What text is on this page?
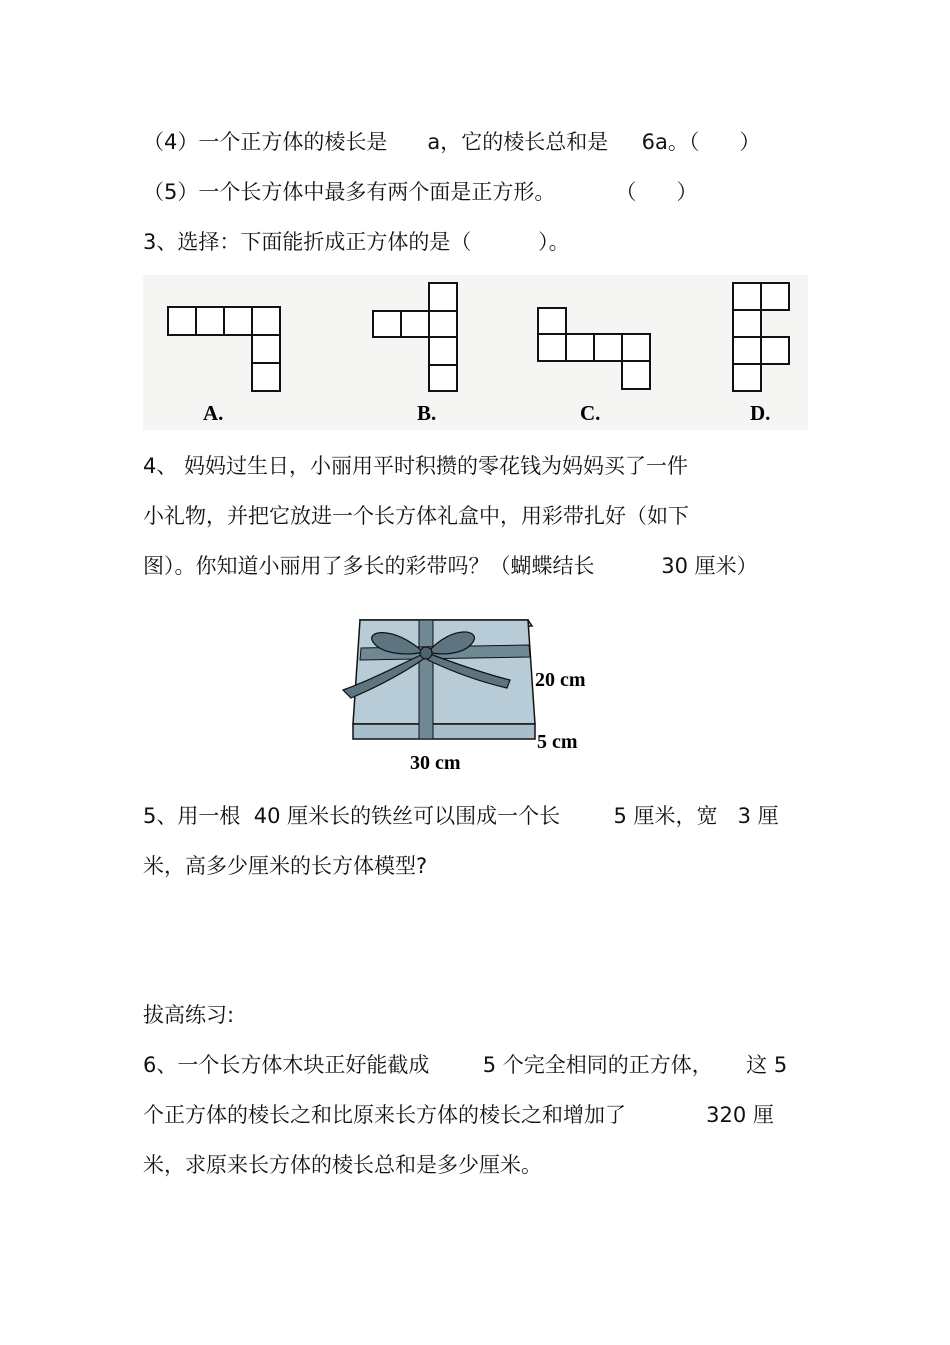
（4）一个正方体的棱长是      a，它的棱长总和是     6a。（      ）

（5）一个长方体中最多有两个面是正方形。         （      ）

3、选择：下面能折成正方体的是（          ）。

A.	B.	C.	D.

4、 妈妈过生日，小丽用平时积攒的零花钱为妈妈买了一件

小礼物，并把它放进一个长方体礼盒中，用彩带扎好（如下

图）。你知道小丽用了多长的彩带吗？（蝴蝶结长          30 厘米）

20 cm
5 cm
30 cm

5、用一根  40 厘米长的铁丝可以围成一个长        5 厘米，宽   3 厘

米，高多少厘米的长方体模型?

拔高练习:

6、一个长方体木块正好能截成        5 个完全相同的正方体，     这 5

个正方体的棱长之和比原来长方体的棱长之和增加了            320 厘

米，求原来长方体的棱长总和是多少厘米。
